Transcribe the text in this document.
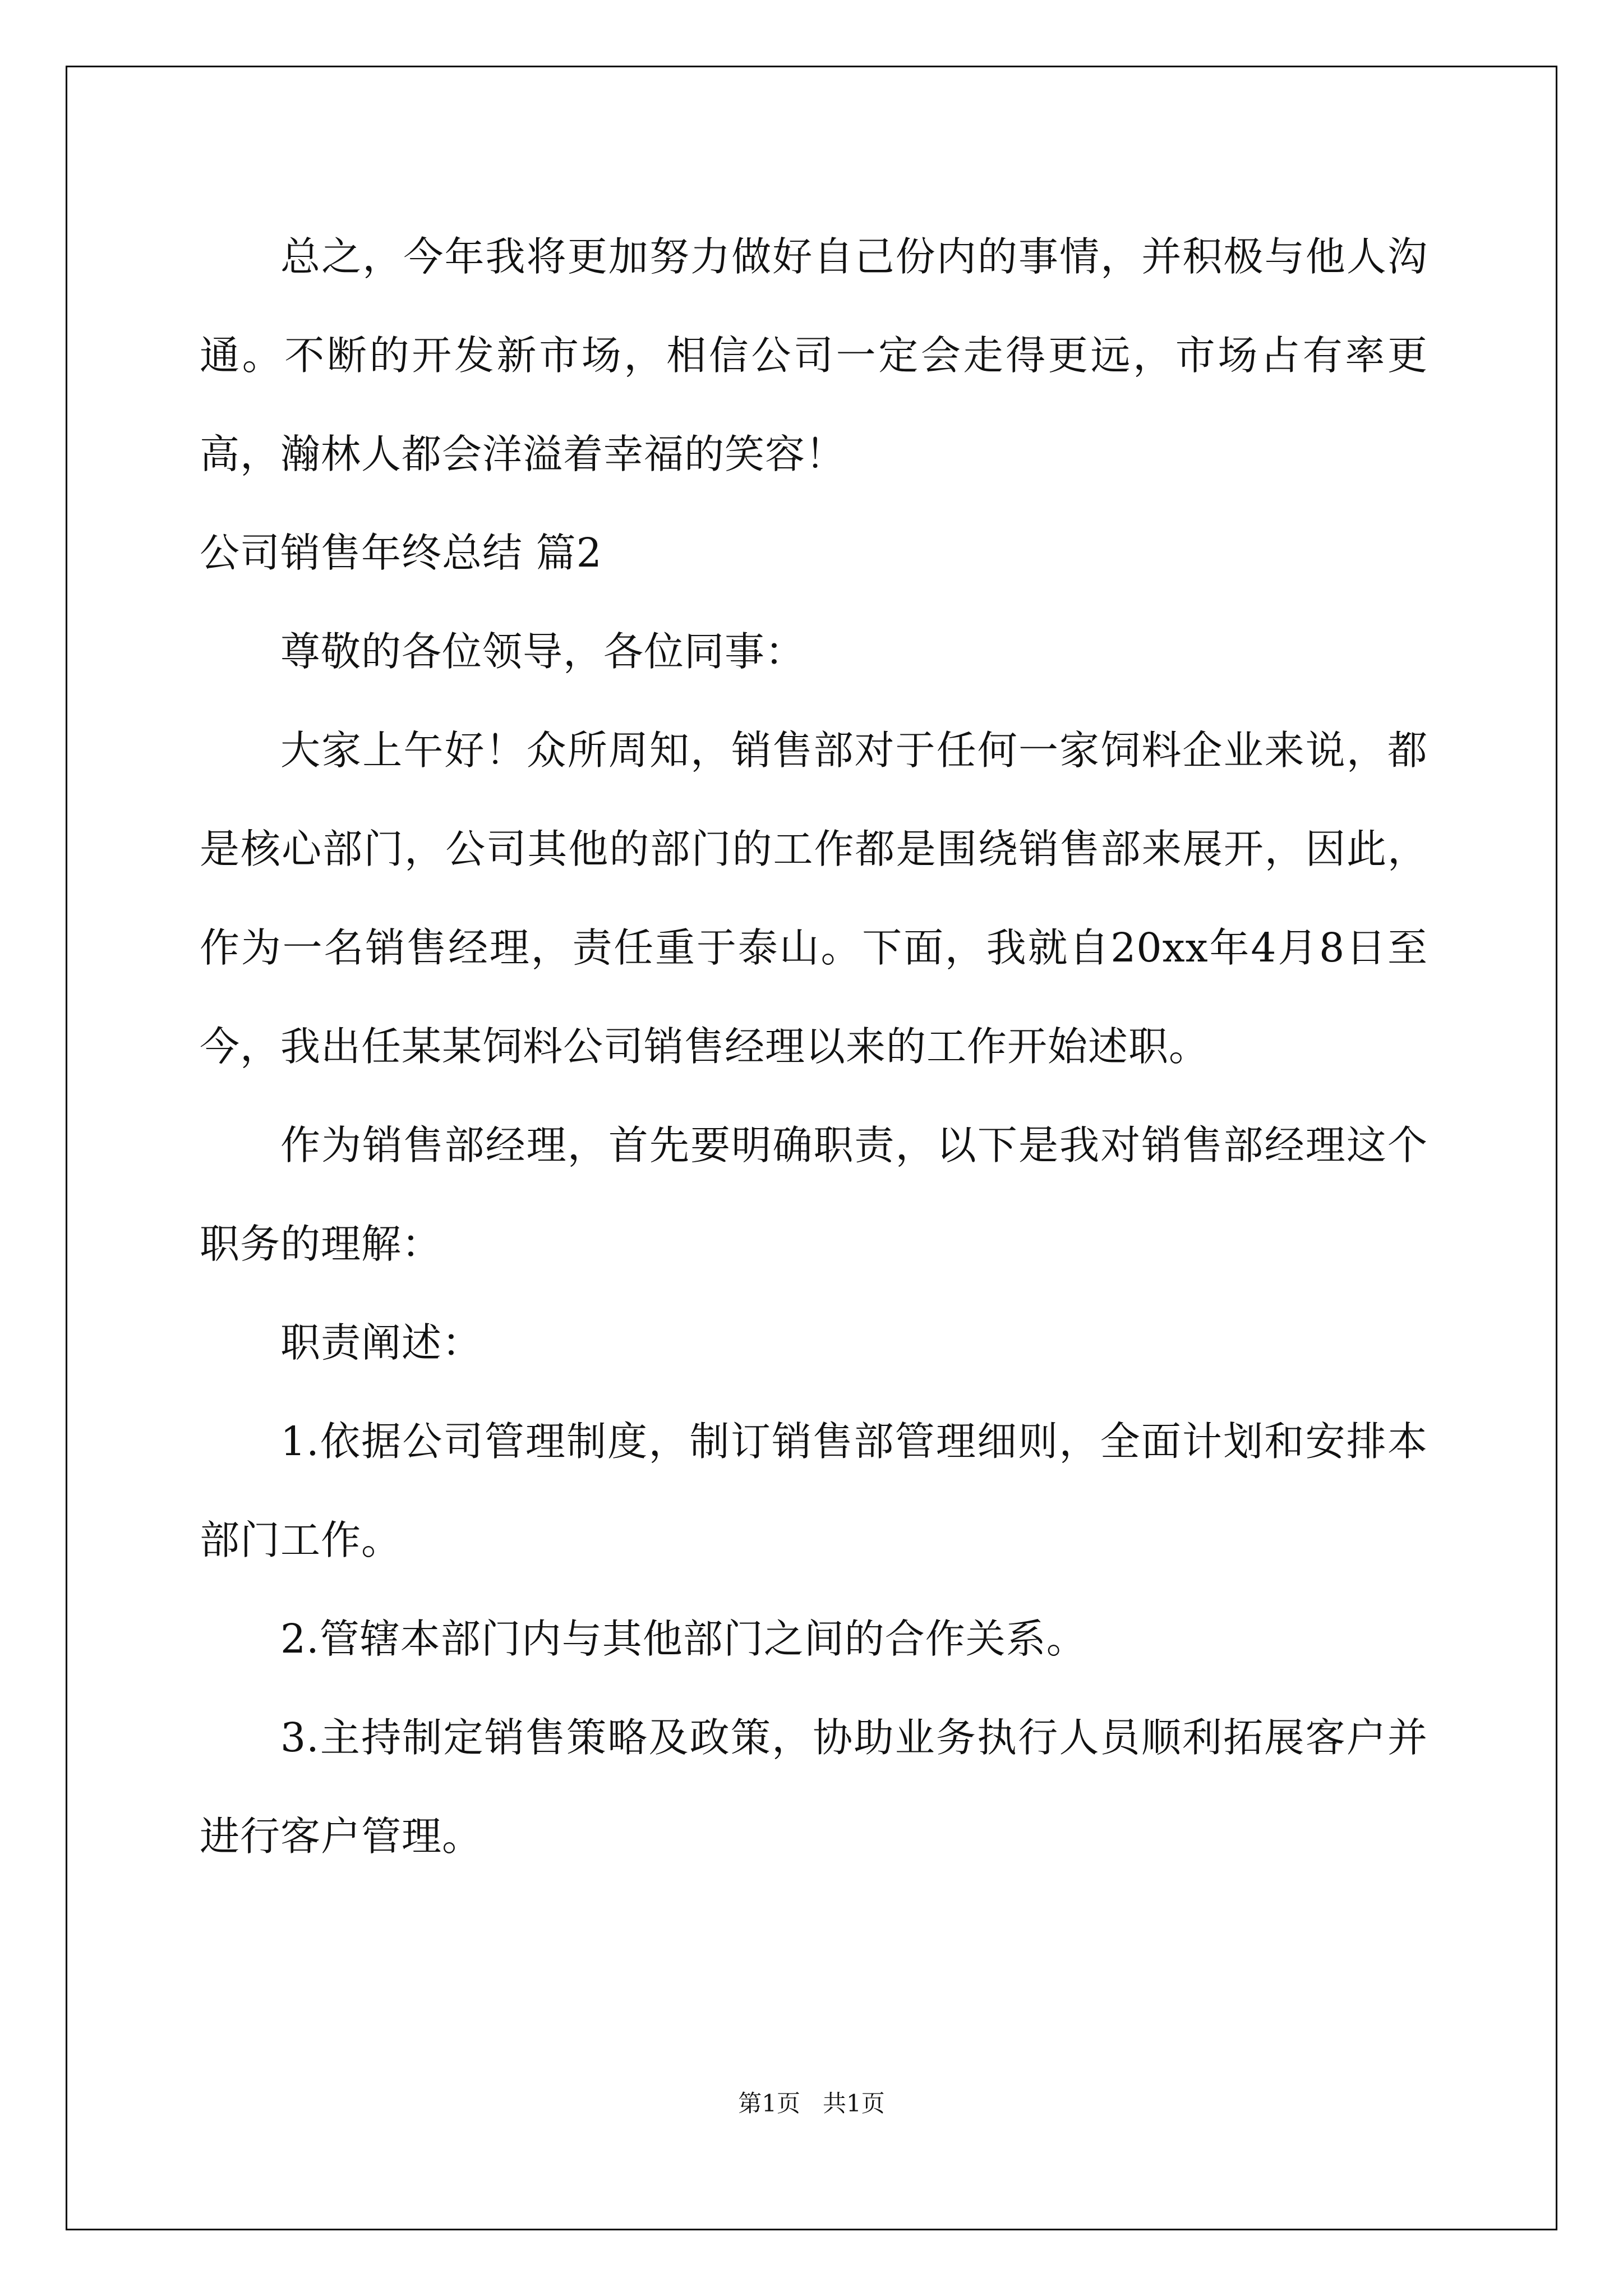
总之，今年我将更加努力做好自己份内的事情，并积极与他人沟通。不断的开发新市场，相信公司一定会走得更远，市场占有率更高，瀚林人都会洋溢着幸福的笑容！

公司销售年终总结 篇2

尊敬的各位领导，各位同事：

大家上午好！众所周知，销售部对于任何一家饲料企业来说，都是核心部门，公司其他的部门的工作都是围绕销售部来展开，因此，作为一名销售经理，责任重于泰山。下面，我就自20xx年4月8日至今，我出任某某饲料公司销售经理以来的工作开始述职。

作为销售部经理，首先要明确职责，以下是我对销售部经理这个职务的理解：

职责阐述：

1.依据公司管理制度，制订销售部管理细则，全面计划和安排本部门工作。

2.管辖本部门内与其他部门之间的合作关系。

3.主持制定销售策略及政策，协助业务执行人员顺利拓展客户并进行客户管理。

第1页   共1页
